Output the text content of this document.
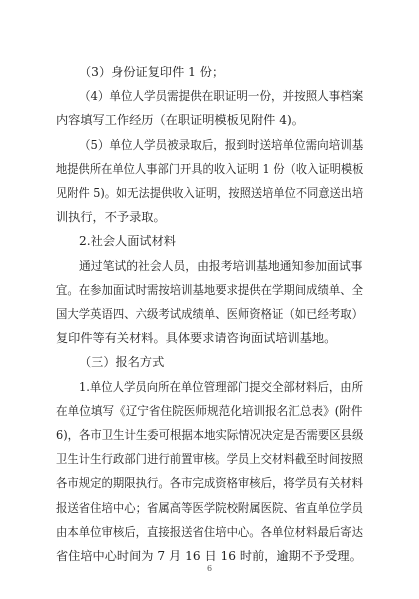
（3）身份证复印件 1 份；
（4）单位人学员需提供在职证明一份，并按照人事档案
内容填写工作经历（在职证明模板见附件 4)。
（5）单位人学员被录取后，报到时送培单位需向培训基
地提供所在单位人事部门开具的收入证明 1 份（收入证明模板
见附件 5)。如无法提供收入证明，按照送培单位不同意送出培
训执行，不予录取。
2.社会人面试材料
通过笔试的社会人员，由报考培训基地通知参加面试事
宜。在参加面试时需按培训基地要求提供在学期间成绩单、全
国大学英语四、六级考试成绩单、医师资格证（如已经考取）
复印件等有关材料。具体要求请咨询面试培训基地。
（三）报名方式
1.单位人学员向所在单位管理部门提交全部材料后，由所
在单位填写《辽宁省住院医师规范化培训报名汇总表》(附件
6)，各市卫生计生委可根据本地实际情况决定是否需要区县级
卫生计生行政部门进行前置审核。学员上交材料截至时间按照
各市规定的期限执行。各市完成资格审核后，将学员有关材料
报送省住培中心；省属高等医学院校附属医院、省直单位学员
由本单位审核后，直接报送省住培中心。各单位材料最后寄达
省住培中心时间为 7 月 16 日 16 时前，逾期不予受理。
6
